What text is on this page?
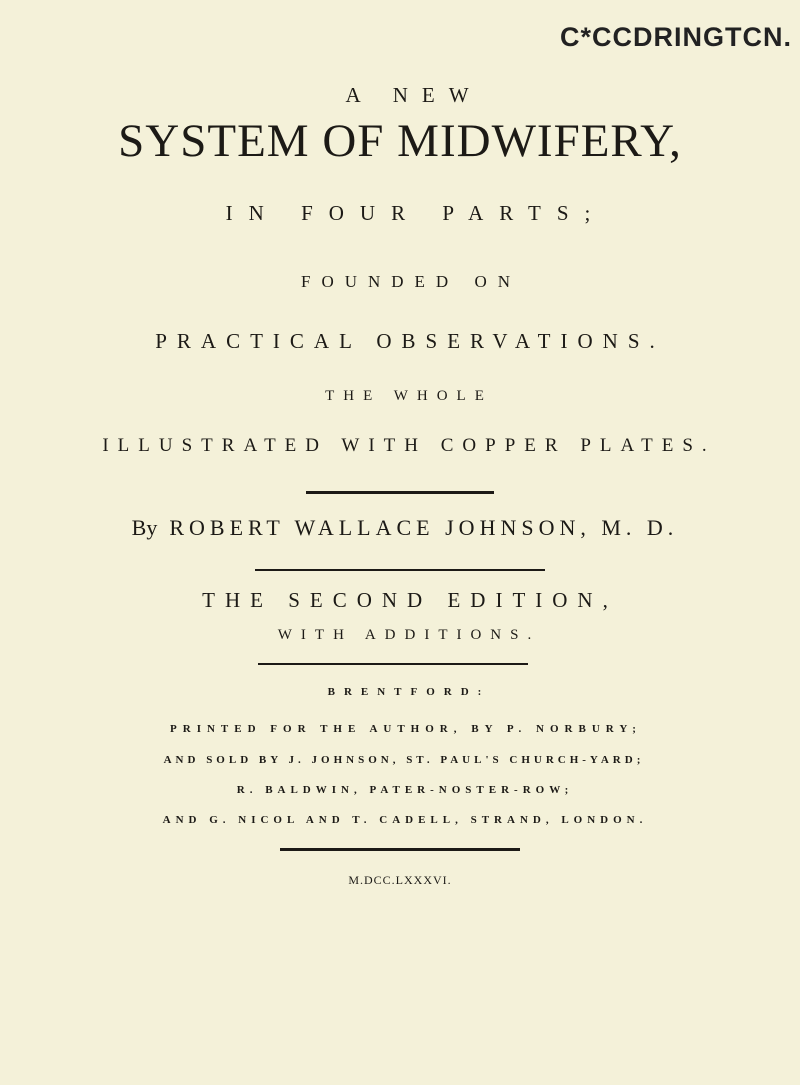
C*CCDRINGTCN.
A NEW
SYSTEM OF MIDWIFERY,
IN FOUR PARTS;
FOUNDED ON
PRACTICAL OBSERVATIONS.
THE WHOLE
ILLUSTRATED WITH COPPER PLATES.
By ROBERT WALLACE JOHNSON, M. D.
THE SECOND EDITION,
WITH ADDITIONS.
BRENTFORD:
PRINTED FOR THE AUTHOR, BY P. NORBURY;
AND SOLD BY J. JOHNSON, ST. PAUL'S CHURCH-YARD;
R. BALDWIN, PATER-NOSTER-ROW;
AND G. NICOL AND T. CADELL, STRAND, LONDON.
M.DCC.LXXXVI.
